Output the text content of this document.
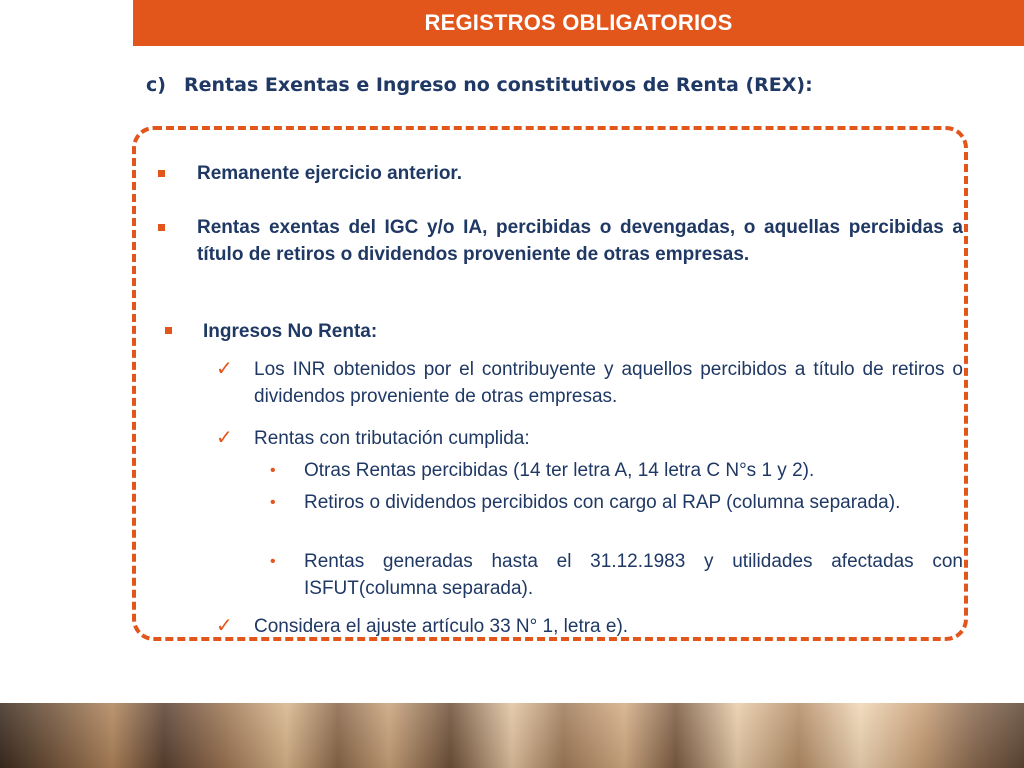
REGISTROS OBLIGATORIOS
c) Rentas Exentas e Ingreso no constitutivos de Renta (REX):
Remanente ejercicio anterior.
Rentas exentas del IGC y/o IA, percibidas o devengadas, o aquellas percibidas a título de retiros o dividendos proveniente de otras empresas.
Ingresos No Renta:
✓ Los INR obtenidos por el contribuyente y aquellos percibidos a título de retiros o dividendos proveniente de otras empresas.
✓ Rentas con tributación cumplida:
• Otras Rentas percibidas (14 ter letra A, 14 letra C N°s 1 y 2).
• Retiros o dividendos percibidos con cargo al RAP (columna separada).
• Rentas generadas hasta el 31.12.1983 y utilidades afectadas con ISFUT(columna separada).
✓ Considera el ajuste artículo 33 N° 1, letra e).
